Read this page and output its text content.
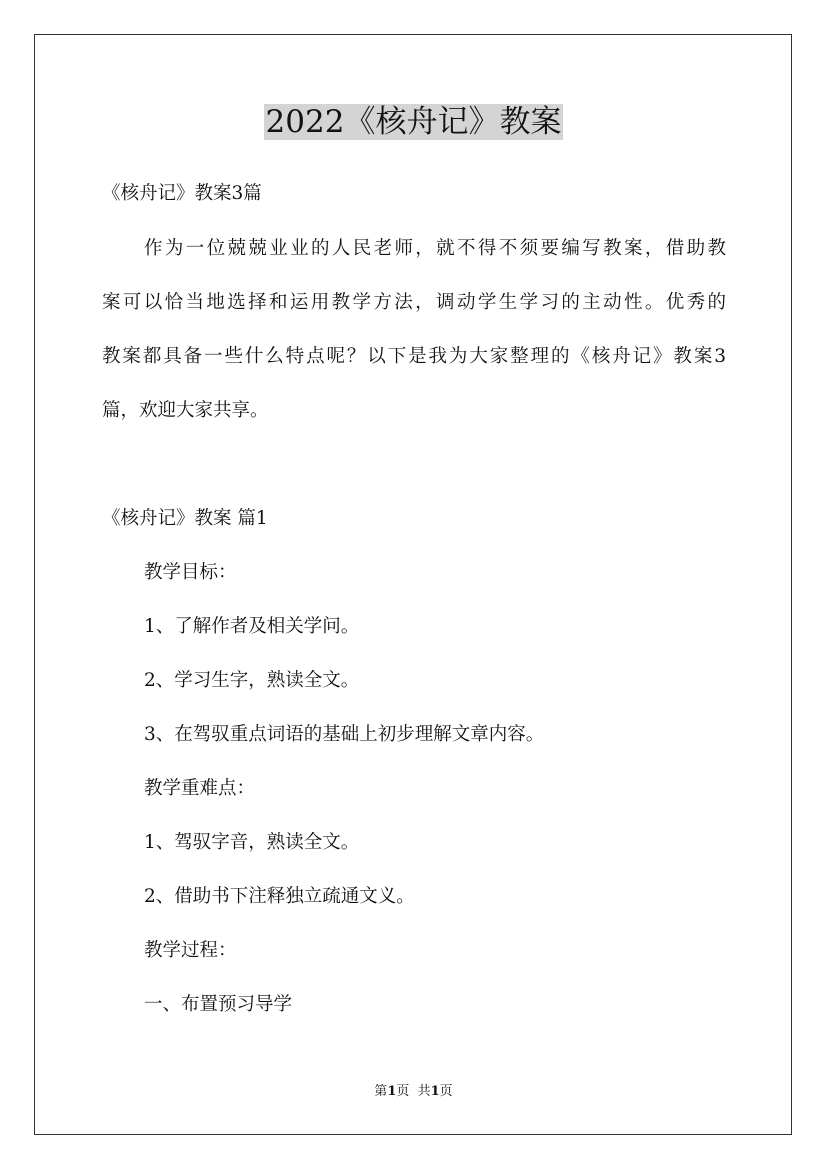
2022《核舟记》教案
《核舟记》教案3篇
作为一位兢兢业业的人民老师，就不得不须要编写教案，借助教
案可以恰当地选择和运用教学方法，调动学生学习的主动性。优秀的
教案都具备一些什么特点呢？以下是我为大家整理的《核舟记》教案3
篇，欢迎大家共享。
《核舟记》教案 篇1
教学目标：
1、了解作者及相关学问。
2、学习生字，熟读全文。
3、在驾驭重点词语的基础上初步理解文章内容。
教学重难点：
1、驾驭字音，熟读全文。
2、借助书下注释独立疏通文义。
教学过程：
一、布置预习导学
第1页  共1页
